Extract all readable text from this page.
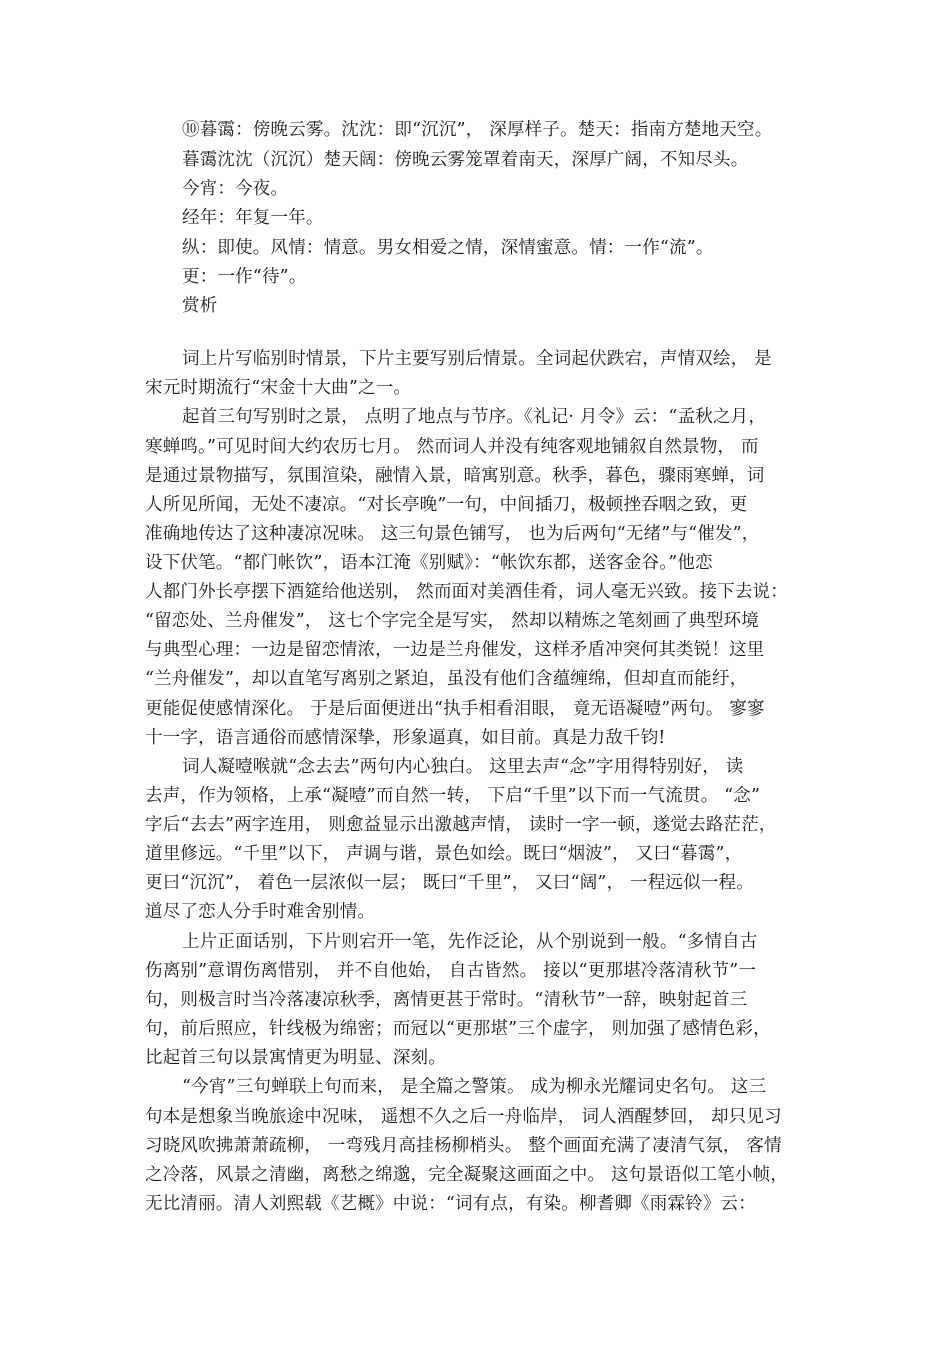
⑩暮霭：傍晚云雾。沈沈：即“沉沉”， 深厚样子。楚天：指南方楚地天空。
暮霭沈沈（沉沉）楚天阔：傍晚云雾笼罩着南天，深厚广阔，不知尽头。
今宵：今夜。
经年：年复一年。
纵：即使。风情：情意。男女相爱之情，深情蜜意。情：一作“流”。
更：一作“待”。
赏析
词上片写临别时情景，下片主要写别后情景。全词起伏跌宕，声情双绘， 是
宋元时期流行“宋金十大曲”之一。
起首三句写别时之景， 点明了地点与节序。《礼记· 月令》云：“孟秋之月，
寒蝉鸣。”可见时间大约农历七月。 然而词人并没有纯客观地铺叙自然景物， 而
是通过景物描写，氛围渲染，融情入景，暗寓别意。秋季，暮色，骤雨寒蝉，词
人所见所闻，无处不凄凉。“对长亭晚”一句，中间插刀，极顿挫吞咽之致，更
准确地传达了这种凄凉况味。 这三句景色铺写， 也为后两句“无绪”与“催发”，
设下伏笔。“都门帐饮”，语本江淹《别赋》：“帐饮东都，送客金谷。”他恋
人都门外长亭摆下酒筵给他送别， 然而面对美酒佳肴，词人毫无兴致。接下去说：
“留恋处、兰舟催发”， 这七个字完全是写实， 然却以精炼之笔刻画了典型环境
与典型心理：一边是留恋情浓，一边是兰舟催发，这样矛盾冲突何其类锐！这里
“兰舟催发”，却以直笔写离别之紧迫，虽没有他们含蕴缠绵，但却直而能纡，
更能促使感情深化。 于是后面便迸出“执手相看泪眼， 竟无语凝噎”两句。 寥寥
十一字，语言通俗而感情深挚，形象逼真，如目前。真是力敌千钧!
词人凝噎喉就“念去去”两句内心独白。 这里去声“念”字用得特别好， 读
去声，作为领格，上承“凝噎”而自然一转， 下启“千里”以下而一气流贯。 “念”
字后“去去”两字连用， 则愈益显示出激越声情， 读时一字一顿，遂觉去路茫茫，
道里修远。“千里”以下， 声调与谐，景色如绘。既曰“烟波”， 又曰“暮霭”，
更曰“沉沉”， 着色一层浓似一层； 既曰“千里”， 又曰“阔”， 一程远似一程。
道尽了恋人分手时难舍别情。
上片正面话别，下片则宕开一笔，先作泛论，从个别说到一般。“多情自古
伤离别”意谓伤离惜别， 并不自他始， 自古皆然。 接以“更那堪冷落清秋节”一
句，则极言时当冷落凄凉秋季，离情更甚于常时。“清秋节”一辞，映射起首三
句，前后照应，针线极为绵密；而冠以“更那堪”三个虚字， 则加强了感情色彩，
比起首三句以景寓情更为明显、深刻。
“今宵”三句蝉联上句而来， 是全篇之警策。 成为柳永光耀词史名句。 这三
句本是想象当晚旅途中况味， 遥想不久之后一舟临岸， 词人酒醒梦回， 却只见习
习晓风吹拂萧萧疏柳， 一弯残月高挂杨柳梢头。 整个画面充满了凄清气氛， 客情
之冷落，风景之清幽，离愁之绵邈，完全凝聚这画面之中。 这句景语似工笔小帧，
无比清丽。清人刘熙载《艺概》中说：“词有点，有染。柳耆卿《雨霖铃》云：
